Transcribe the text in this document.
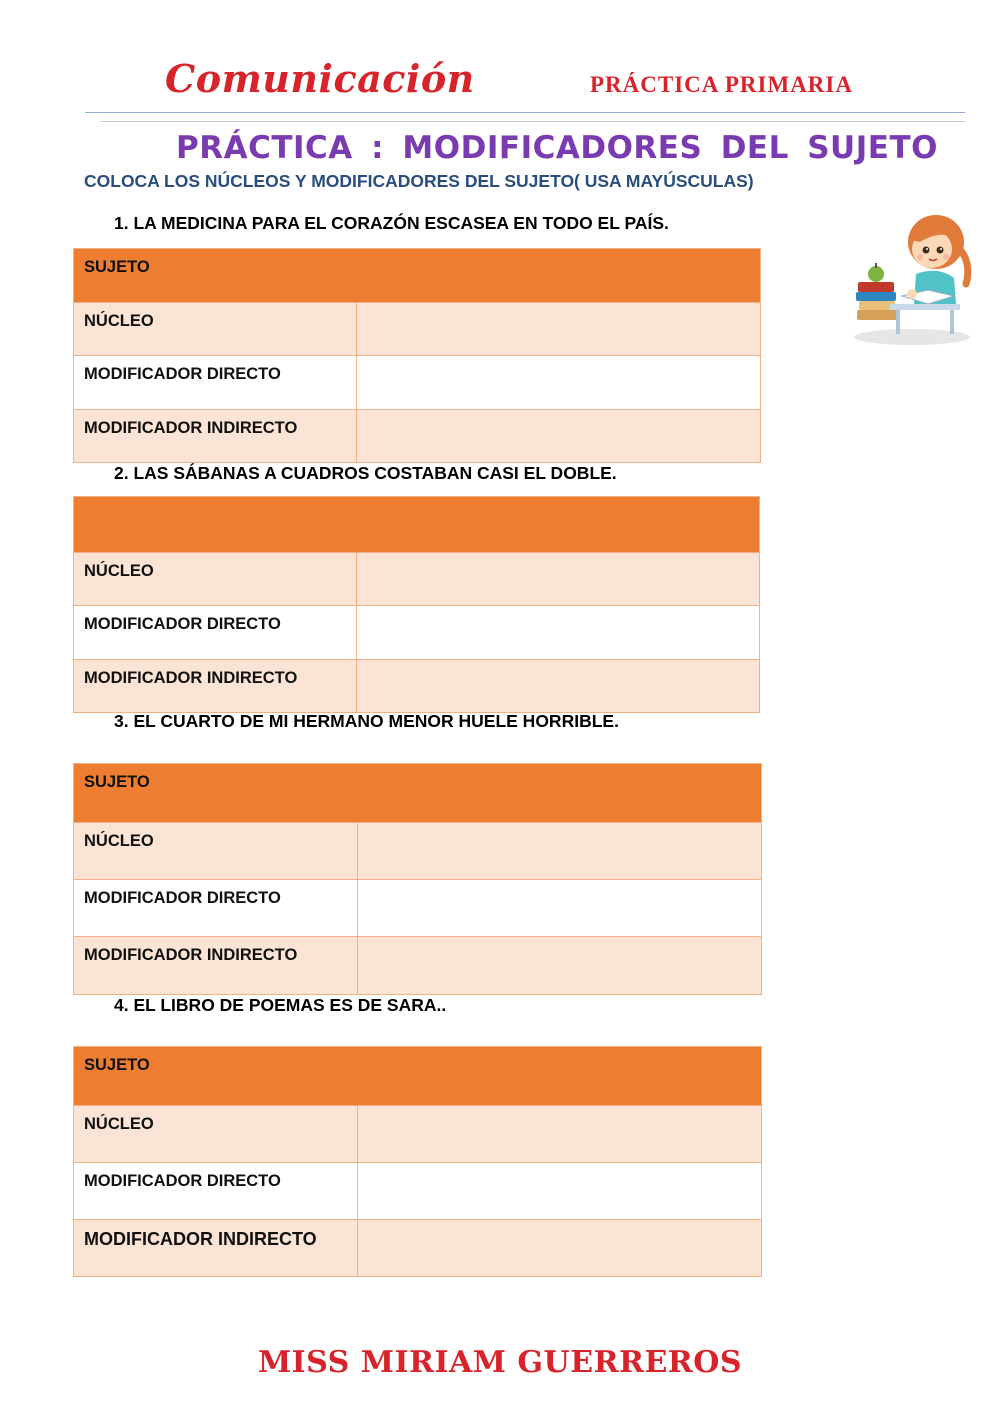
Comunicación	PRÁCTICA PRIMARIA
PRÁCTICA : MODIFICADORES DEL SUJETO
COLOCA LOS NÚCLEOS Y MODIFICADORES DEL SUJETO( USA MAYÚSCULAS)
1. LA MEDICINA PARA EL CORAZÓN ESCASEA EN TODO EL PAÍS.
SUJETO
NÚCLEO
MODIFICADOR DIRECTO
MODIFICADOR INDIRECTO
2. LAS SÁBANAS A CUADROS COSTABAN CASI EL DOBLE.
NÚCLEO
MODIFICADOR DIRECTO
MODIFICADOR INDIRECTO
3. EL CUARTO DE MI HERMANO MENOR HUELE HORRIBLE.
SUJETO
NÚCLEO
MODIFICADOR DIRECTO
MODIFICADOR INDIRECTO
4. EL LIBRO DE POEMAS ES DE SARA..
SUJETO
NÚCLEO
MODIFICADOR DIRECTO
MODIFICADOR INDIRECTO
MISS MIRIAM GUERREROS
